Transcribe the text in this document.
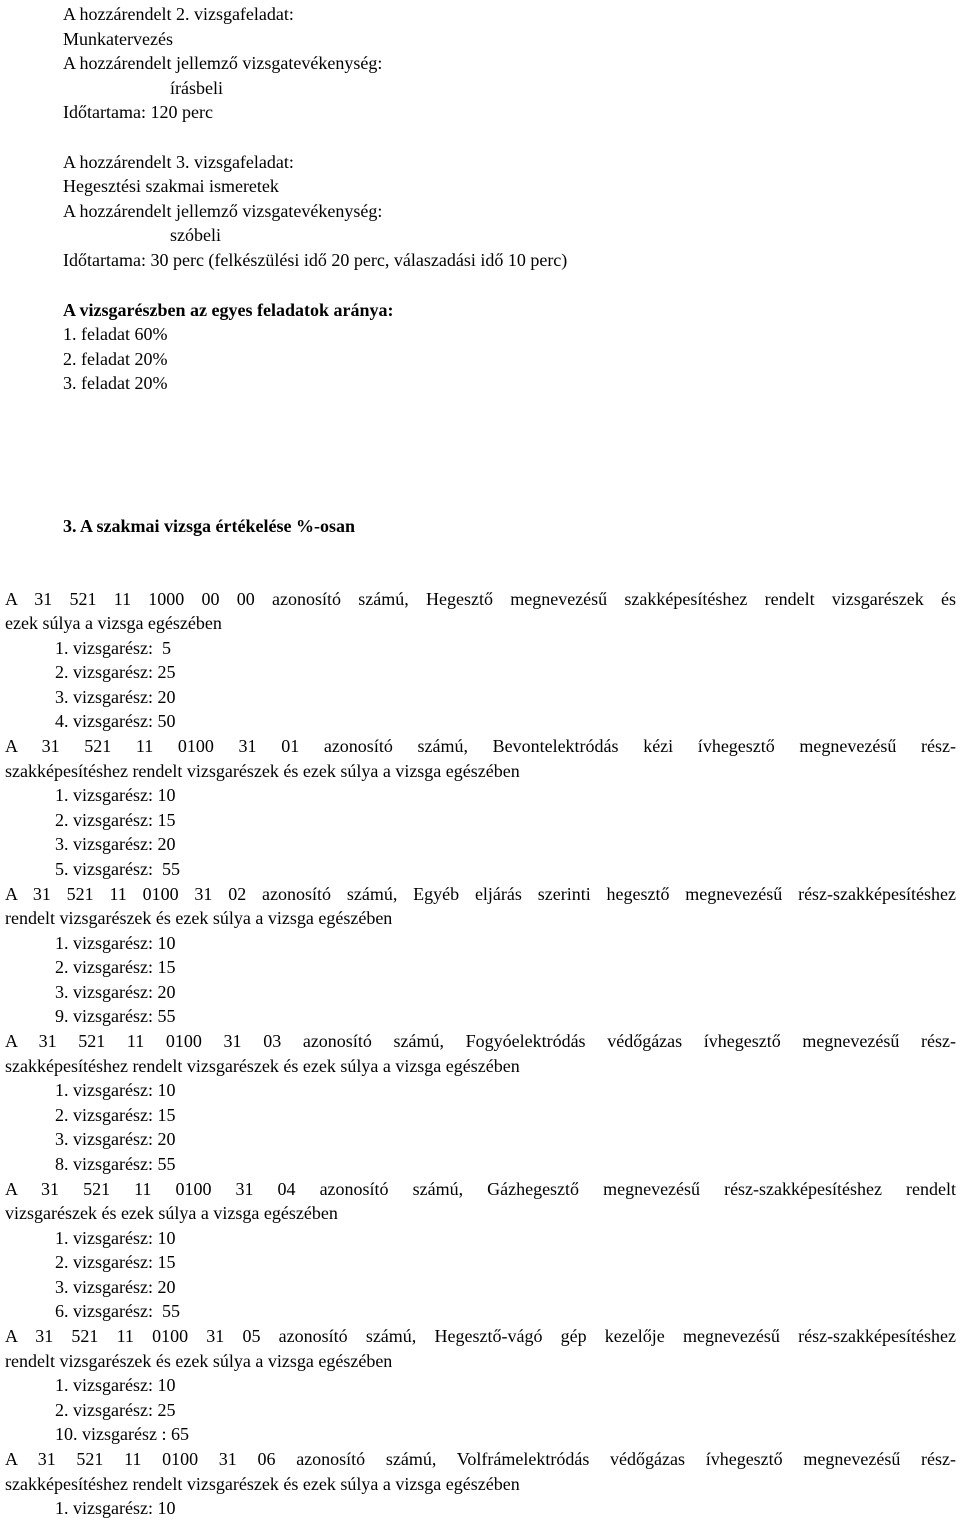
A hozzárendelt 2. vizsgafeladat:

Munkatervezés

A hozzárendelt jellemző vizsgatevékenység:

írásbeli

Időtartama: 120 perc

A hozzárendelt 3. vizsgafeladat:

Hegesztési szakmai ismeretek

A hozzárendelt jellemző vizsgatevékenység:

szóbeli

Időtartama: 30 perc (felkészülési idő 20 perc, válaszadási idő 10 perc)

A vizsgarészben az egyes feladatok aránya:

1. feladat 60%

2. feladat 20%

3. feladat 20%

3. A szakmai vizsga értékelése %-osan

A 31 521 11 1000 00 00 azonosító számú, Hegesztő megnevezésű szakképesítéshez rendelt vizsgarészek és

ezek súlya a vizsga egészében

1. vizsgarész:  5

2. vizsgarész: 25

3. vizsgarész: 20

4. vizsgarész: 50

A 31 521 11 0100 31 01 azonosító számú, Bevontelektródás kézi ívhegesztő megnevezésű rész-

szakképesítéshez rendelt vizsgarészek és ezek súlya a vizsga egészében

1. vizsgarész: 10

2. vizsgarész: 15

3. vizsgarész: 20

5. vizsgarész:  55

A 31 521 11 0100 31 02 azonosító számú, Egyéb eljárás szerinti hegesztő megnevezésű rész-szakképesítéshez

rendelt vizsgarészek és ezek súlya a vizsga egészében

1. vizsgarész: 10

2. vizsgarész: 15

3. vizsgarész: 20

9. vizsgarész: 55

A 31 521 11 0100 31 03 azonosító számú, Fogyóelektródás védőgázas ívhegesztő megnevezésű rész-

szakképesítéshez rendelt vizsgarészek és ezek súlya a vizsga egészében

1. vizsgarész: 10

2. vizsgarész: 15

3. vizsgarész: 20

8. vizsgarész: 55

A 31 521 11 0100 31 04 azonosító számú, Gázhegesztő megnevezésű rész-szakképesítéshez rendelt

vizsgarészek és ezek súlya a vizsga egészében

1. vizsgarész: 10

2. vizsgarész: 15

3. vizsgarész: 20

6. vizsgarész:  55

A 31 521 11 0100 31 05 azonosító számú, Hegesztő-vágó gép kezelője megnevezésű rész-szakképesítéshez

rendelt vizsgarészek és ezek súlya a vizsga egészében

1. vizsgarész: 10

2. vizsgarész: 25

10. vizsgarész : 65

A 31 521 11 0100 31 06 azonosító számú, Volfrámelektródás védőgázas ívhegesztő megnevezésű rész-

szakképesítéshez rendelt vizsgarészek és ezek súlya a vizsga egészében

1. vizsgarész: 10
